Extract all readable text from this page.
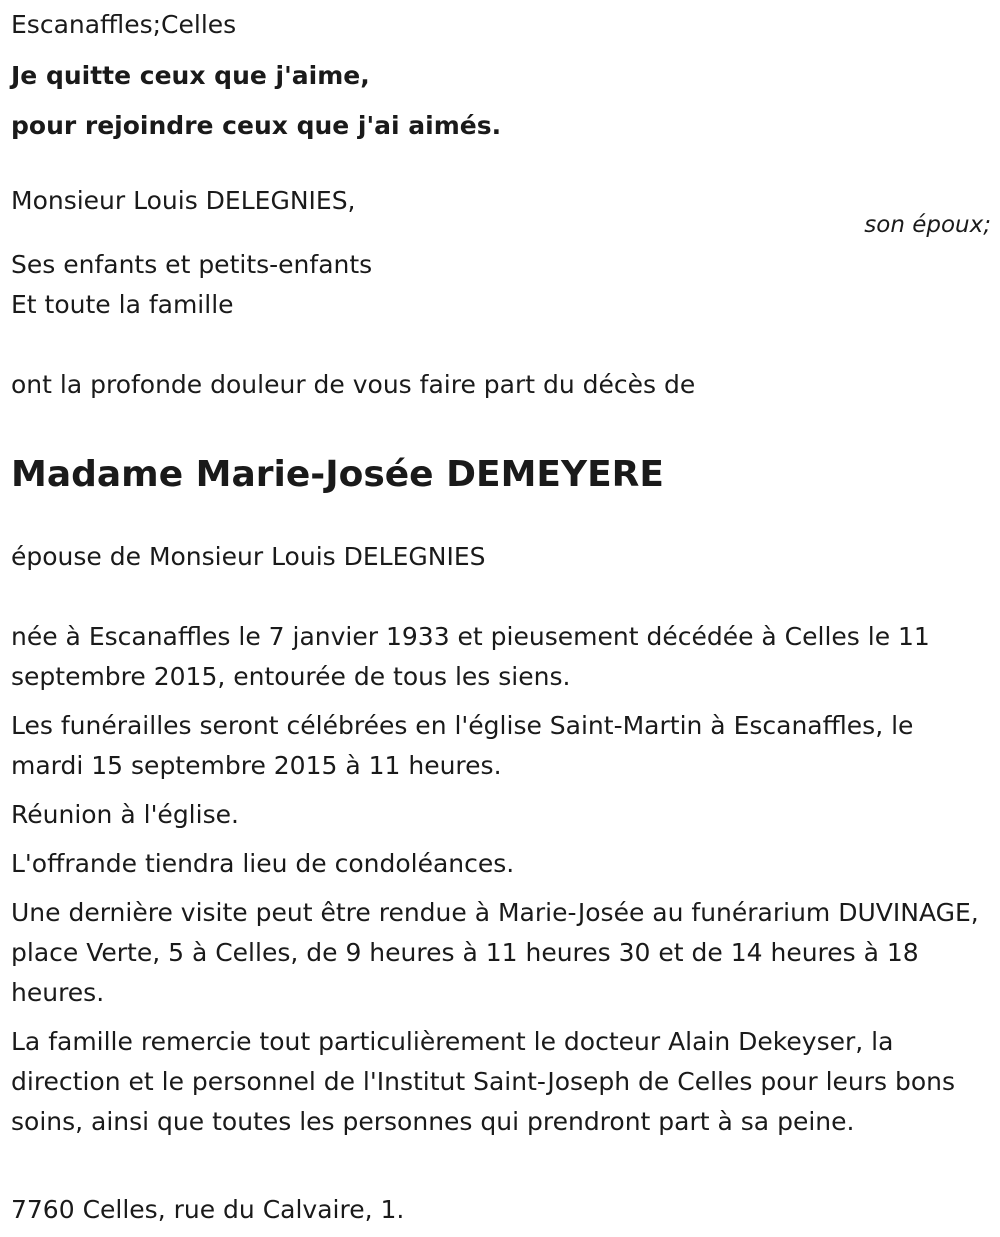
Escanaffles;Celles
Je quitte ceux que j'aime,
pour rejoindre ceux que j'ai aimés.
Monsieur Louis DELEGNIES,
son époux;
Ses enfants et petits-enfants
Et toute la famille
ont la profonde douleur de vous faire part du décès de
Madame Marie-Josée DEMEYERE
épouse de Monsieur Louis DELEGNIES
née à Escanaffles le 7 janvier 1933 et pieusement décédée à Celles le 11 septembre 2015, entourée de tous les siens.
Les funérailles seront célébrées en l'église Saint-Martin à Escanaffles, le mardi 15 septembre 2015 à 11 heures.
Réunion à l'église.
L'offrande tiendra lieu de condoléances.
Une dernière visite peut être rendue à Marie-Josée au funérarium DUVINAGE, place Verte, 5 à Celles, de 9 heures à 11 heures 30 et de 14 heures à 18 heures.
La famille remercie tout particulièrement le docteur Alain Dekeyser, la direction et le personnel de l'Institut Saint-Joseph de Celles pour leurs bons soins, ainsi que toutes les personnes qui prendront part à sa peine.
7760 Celles, rue du Calvaire, 1.
